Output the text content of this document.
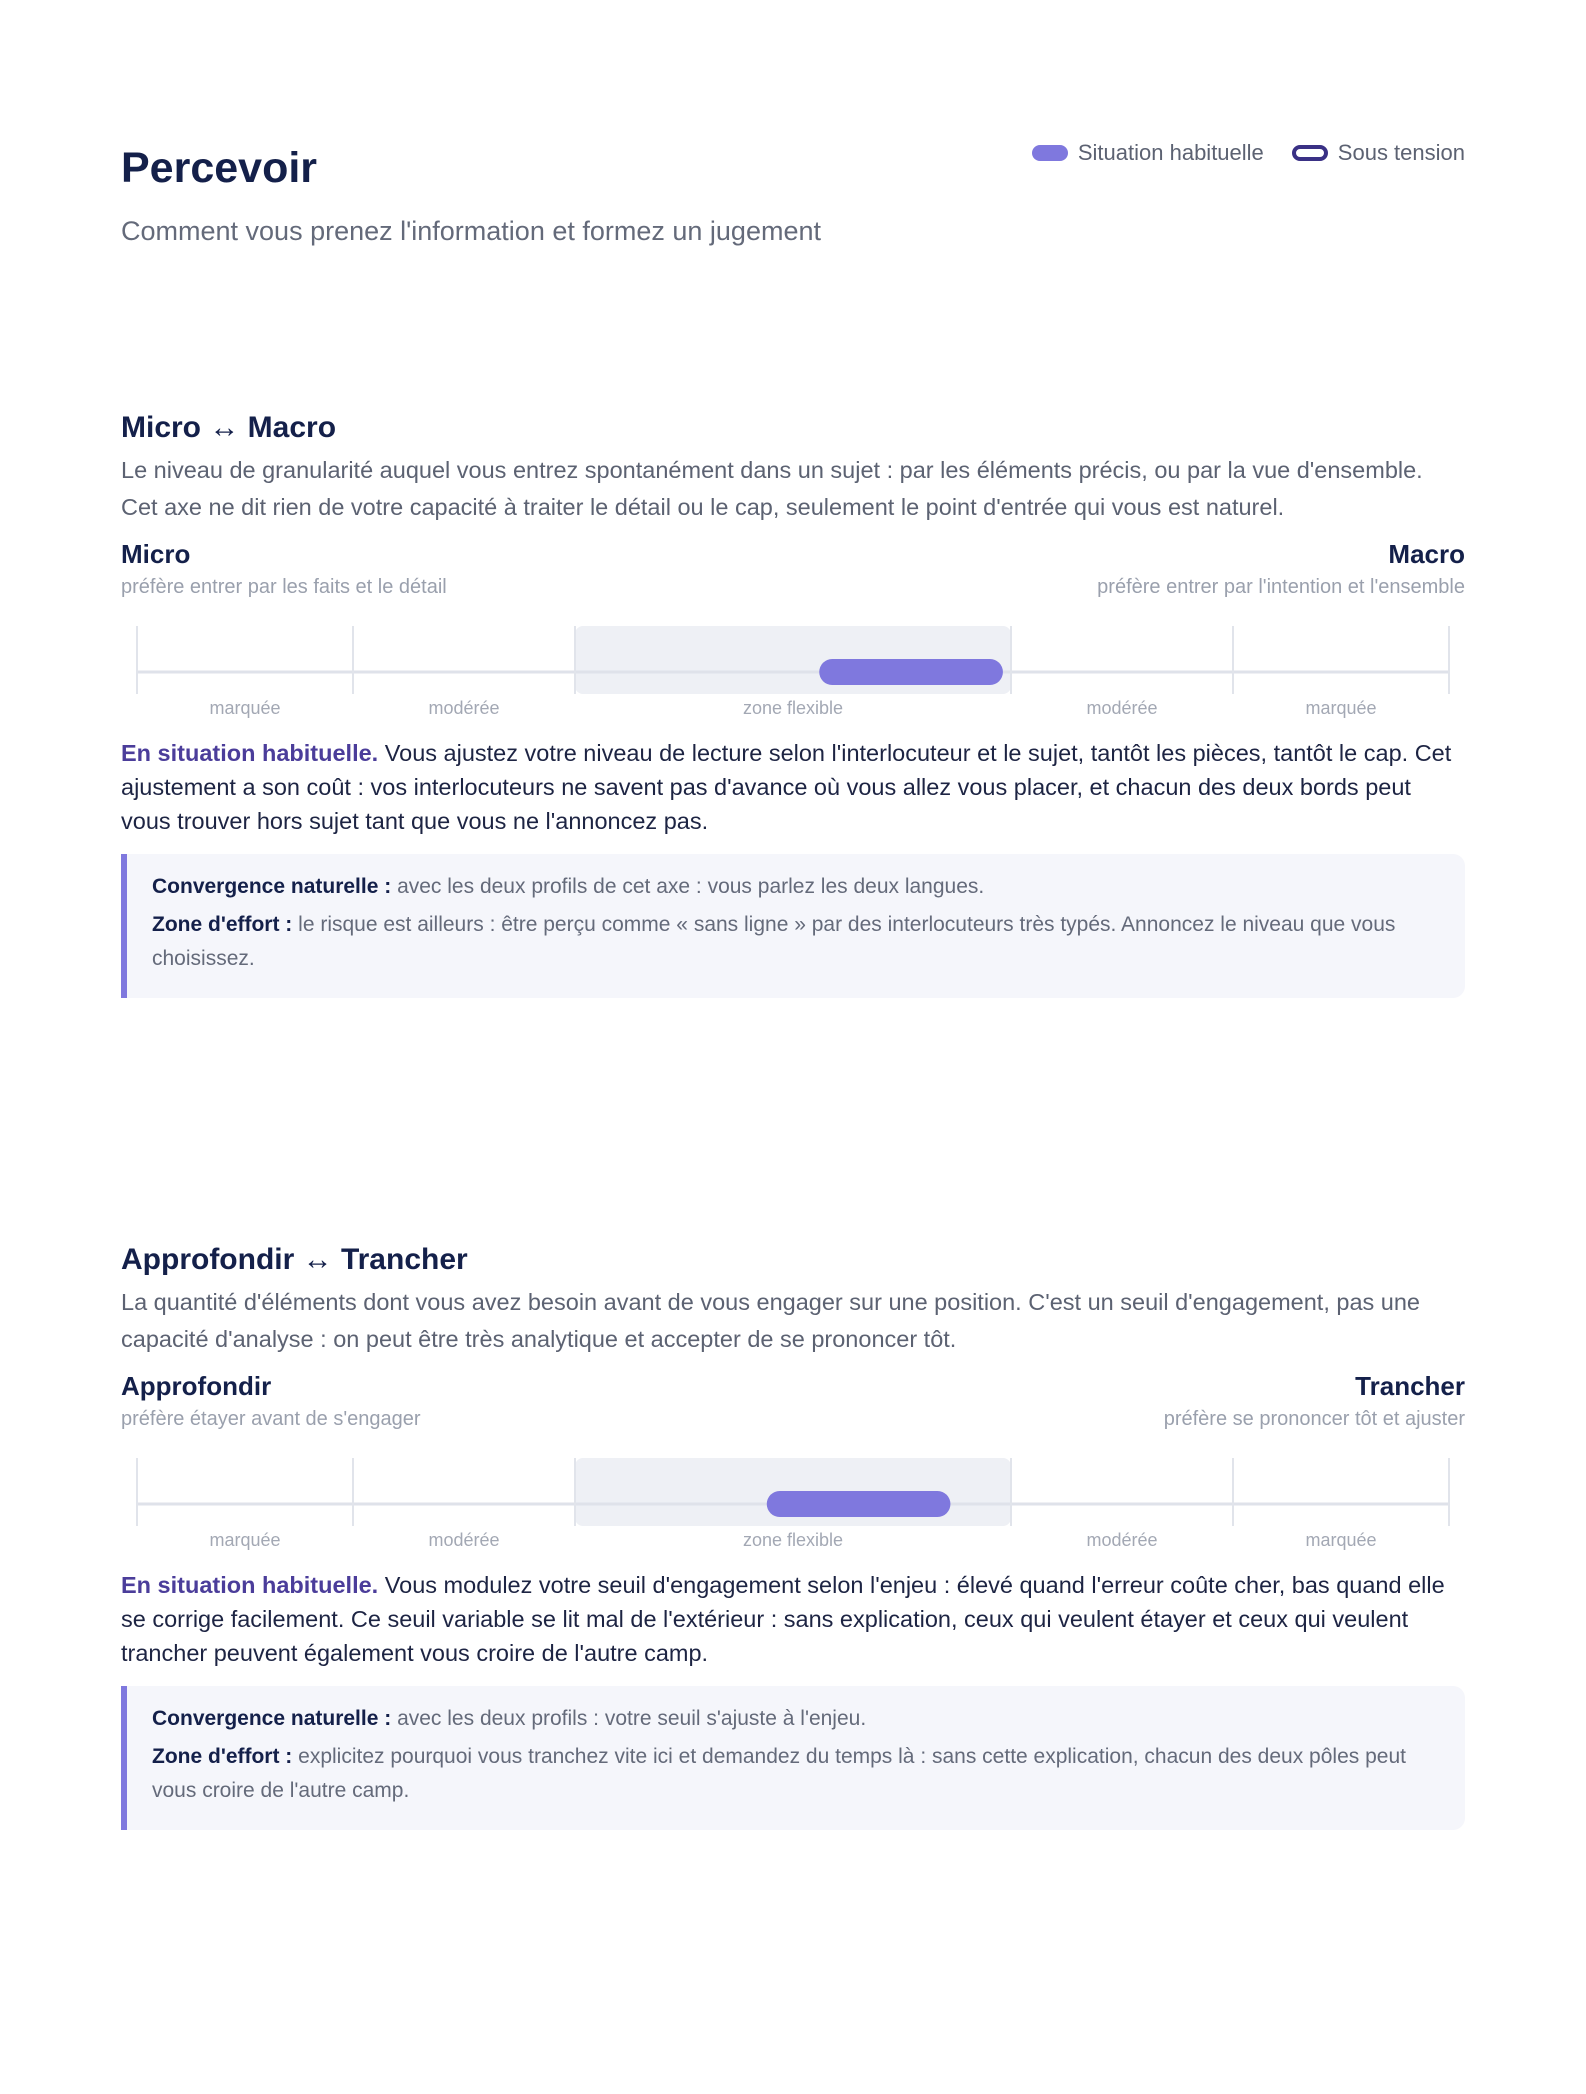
Percevoir

Comment vous prenez l'information et formez un jugement

Situation habituelle	Sous tension
Micro ↔ Macro

Le niveau de granularité auquel vous entrez spontanément dans un sujet : par les éléments précis, ou par la vue d'ensemble. Cet axe ne dit rien de votre capacité à traiter le détail ou le cap, seulement le point d'entrée qui vous est naturel.

Micro
préfère entrer par les faits et le détail
Macro
préfère entrer par l'intention et l'ensemble
marquée	modérée	zone flexible	modérée	marquée

En situation habituelle. Vous ajustez votre niveau de lecture selon l'interlocuteur et le sujet, tantôt les pièces, tantôt le cap. Cet ajustement a son coût : vos interlocuteurs ne savent pas d'avance où vous allez vous placer, et chacun des deux bords peut vous trouver hors sujet tant que vous ne l'annoncez pas.

Convergence naturelle : avec les deux profils de cet axe : vous parlez les deux langues.

Zone d'effort : le risque est ailleurs : être perçu comme « sans ligne » par des interlocuteurs très typés. Annoncez le niveau que vous choisissez.

Approfondir ↔ Trancher

La quantité d'éléments dont vous avez besoin avant de vous engager sur une position. C'est un seuil d'engagement, pas une capacité d'analyse : on peut être très analytique et accepter de se prononcer tôt.

Approfondir
préfère étayer avant de s'engager
Trancher
préfère se prononcer tôt et ajuster
marquée	modérée	zone flexible	modérée	marquée

En situation habituelle. Vous modulez votre seuil d'engagement selon l'enjeu : élevé quand l'erreur coûte cher, bas quand elle se corrige facilement. Ce seuil variable se lit mal de l'extérieur : sans explication, ceux qui veulent étayer et ceux qui veulent trancher peuvent également vous croire de l'autre camp.

Convergence naturelle : avec les deux profils : votre seuil s'ajuste à l'enjeu.

Zone d'effort : explicitez pourquoi vous tranchez vite ici et demandez du temps là : sans cette explication, chacun des deux pôles peut vous croire de l'autre camp.
